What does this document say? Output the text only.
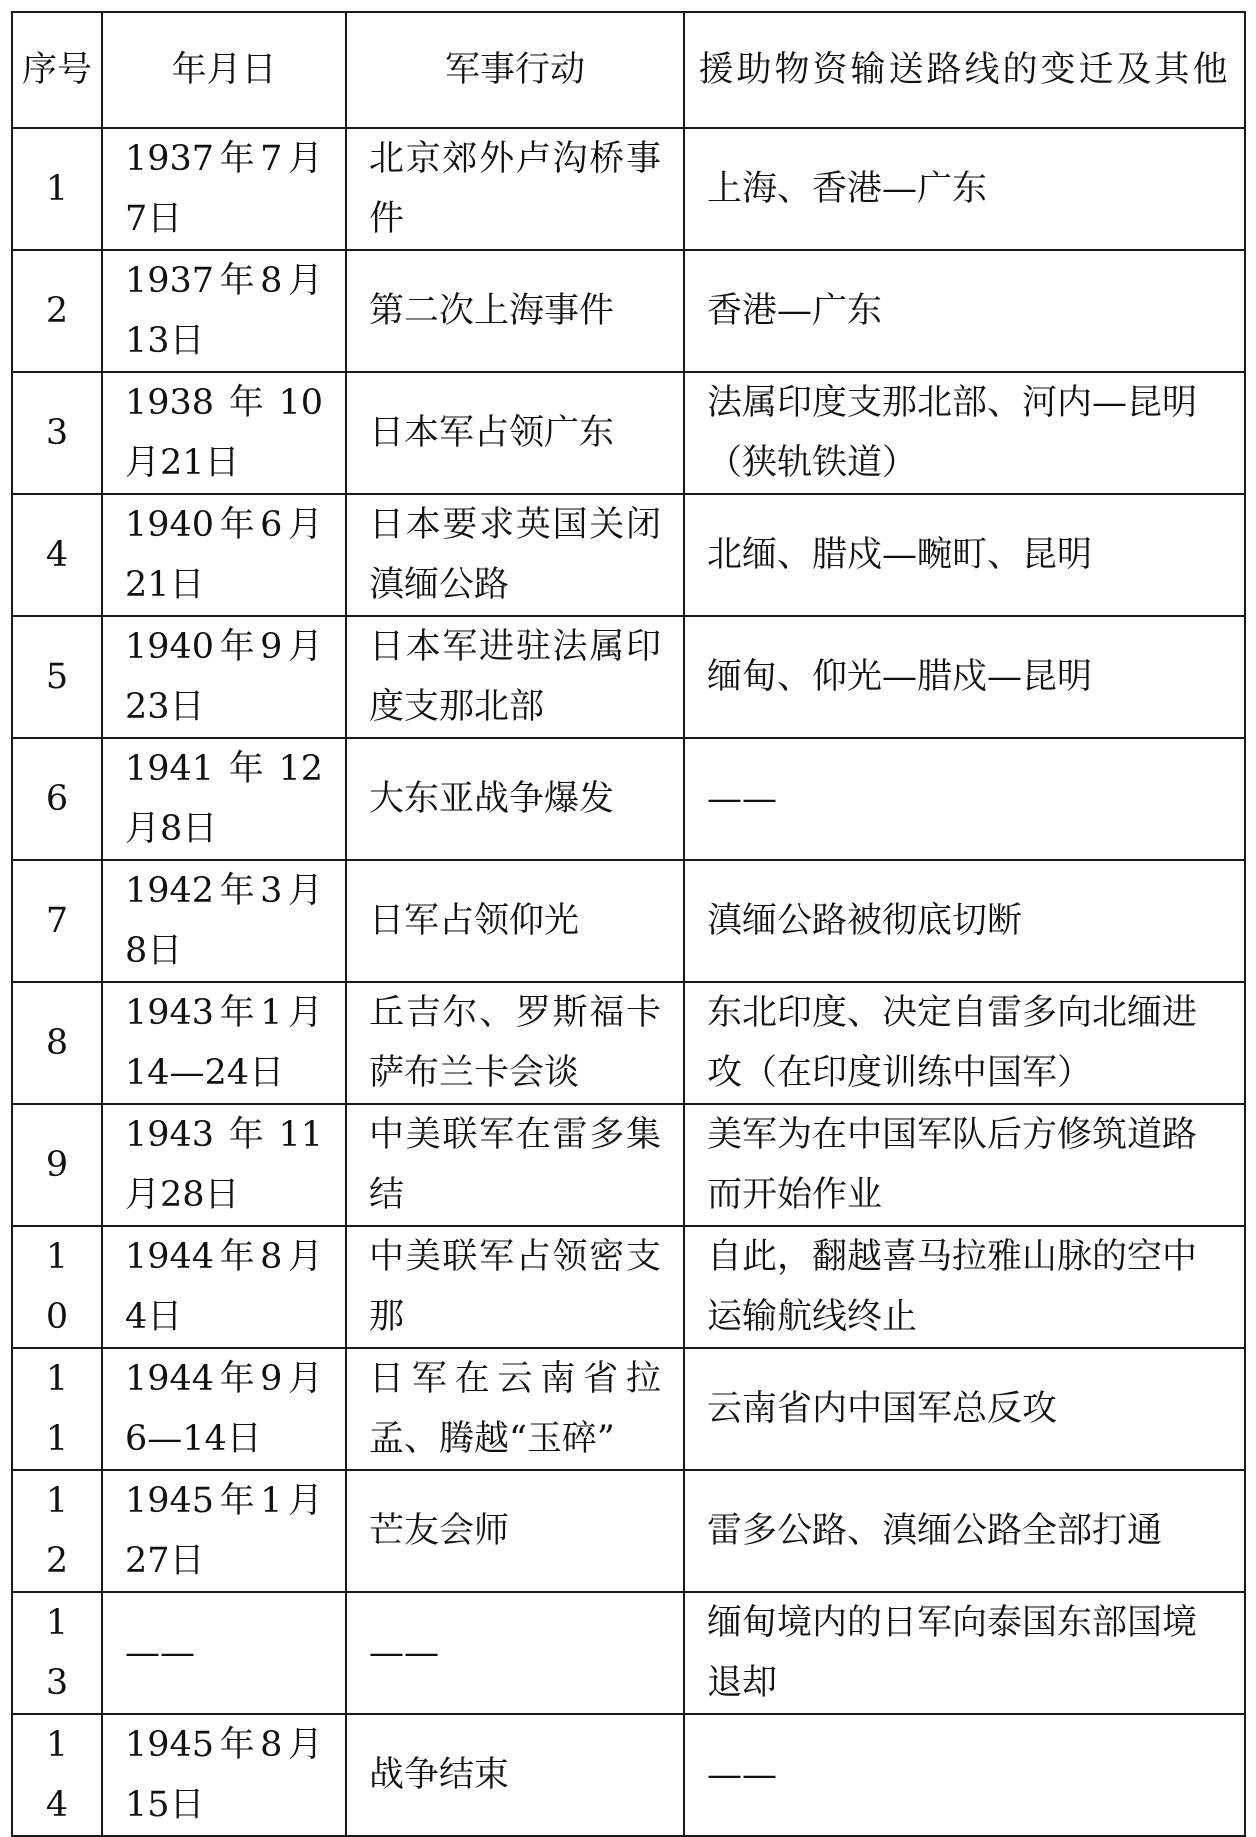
序号	年月日	军事行动	援助物资输送路线的变迁及其他
1	1937年7月7日	北京郊外卢沟桥事件	上海、香港—广东
2	1937年8月13日	第二次上海事件	香港—广东
3	1938年10月21日	日本军占领广东	法属印度支那北部、河内—昆明（狭轨铁道）
4	1940年6月21日	日本要求英国关闭滇缅公路	北缅、腊戍—畹町、昆明
5	1940年9月23日	日本军进驻法属印度支那北部	缅甸、仰光—腊戍—昆明
6	1941年12月8日	大东亚战争爆发	——
7	1942年3月8日	日军占领仰光	滇缅公路被彻底切断
8	1943年1月14—24日	丘吉尔、罗斯福卡萨布兰卡会谈	东北印度、决定自雷多向北缅进攻（在印度训练中国军）
9	1943年11月28日	中美联军在雷多集结	美军为在中国军队后方修筑道路而开始作业
10	1944年8月4日	中美联军占领密支那	自此，翻越喜马拉雅山脉的空中运输航线终止
11	1944年9月6—14日	日军在云南省拉孟、腾越“玉碎”	云南省内中国军总反攻
12	1945年1月27日	芒友会师	雷多公路、滇缅公路全部打通
13	——	——	缅甸境内的日军向泰国东部国境退却
14	1945年8月15日	战争结束	——
